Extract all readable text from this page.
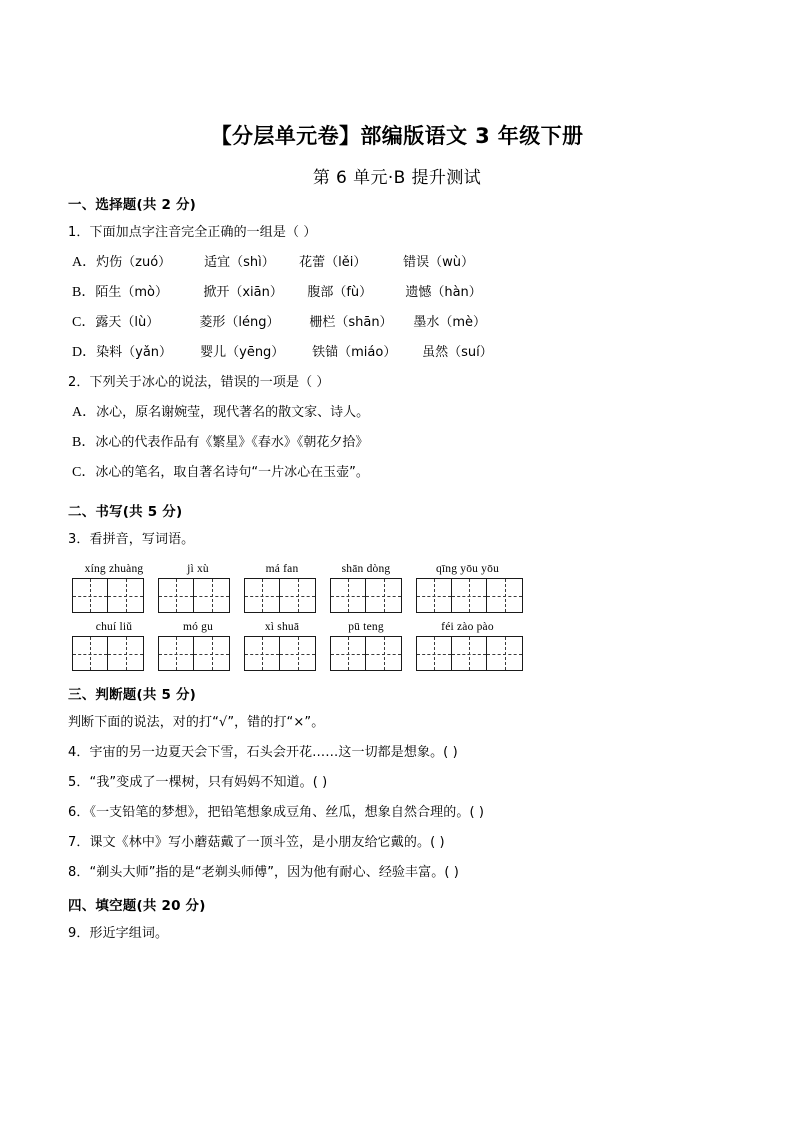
【分层单元卷】部编版语文 3 年级下册
第 6 单元·B 提升测试
一、选择题(共 2 分)
1．下面加点字注音完全正确的一组是（ ）
A．灼伤（zuó）	适宜（shì） 花蕾（lěi）	错误（wù）
B．陌生（mò）	掀开（xiān） 腹部（fù）	遗憾（hàn）
C．露天（lù）	菱形（léng） 栅栏（shān） 墨水（mè）
D．染料（yǎn） 婴儿（yēng） 铁锚（miáo） 虽然（suí）
2．下列关于冰心的说法，错误的一项是（ ）
A．冰心，原名谢婉莹，现代著名的散文家、诗人。
B．冰心的代表作品有《繁星》《春水》《朝花夕拾》
C．冰心的笔名，取自著名诗句“一片冰心在玉壶”。
二、书写(共 5 分)
3．看拼音，写词语。
xíng zhuàng	jì xù	má fan	shān dòng	qīng yōu yōu
chuí liǔ	mó gu	xì shuā	pū teng	féi zào pào
三、判断题(共 5 分)
判断下面的说法，对的打“√”，错的打“×”。
4．宇宙的另一边夏天会下雪，石头会开花……这一切都是想象。( )
5．“我”变成了一棵树，只有妈妈不知道。( )
6．《一支铅笔的梦想》，把铅笔想象成豆角、丝瓜，想象自然合理的。( )
7．课文《林中》写小蘑菇戴了一顶斗笠，是小朋友给它戴的。( )
8．“剃头大师”指的是“老剃头师傅”，因为他有耐心、经验丰富。( )
四、填空题(共 20 分)
9．形近字组词。
